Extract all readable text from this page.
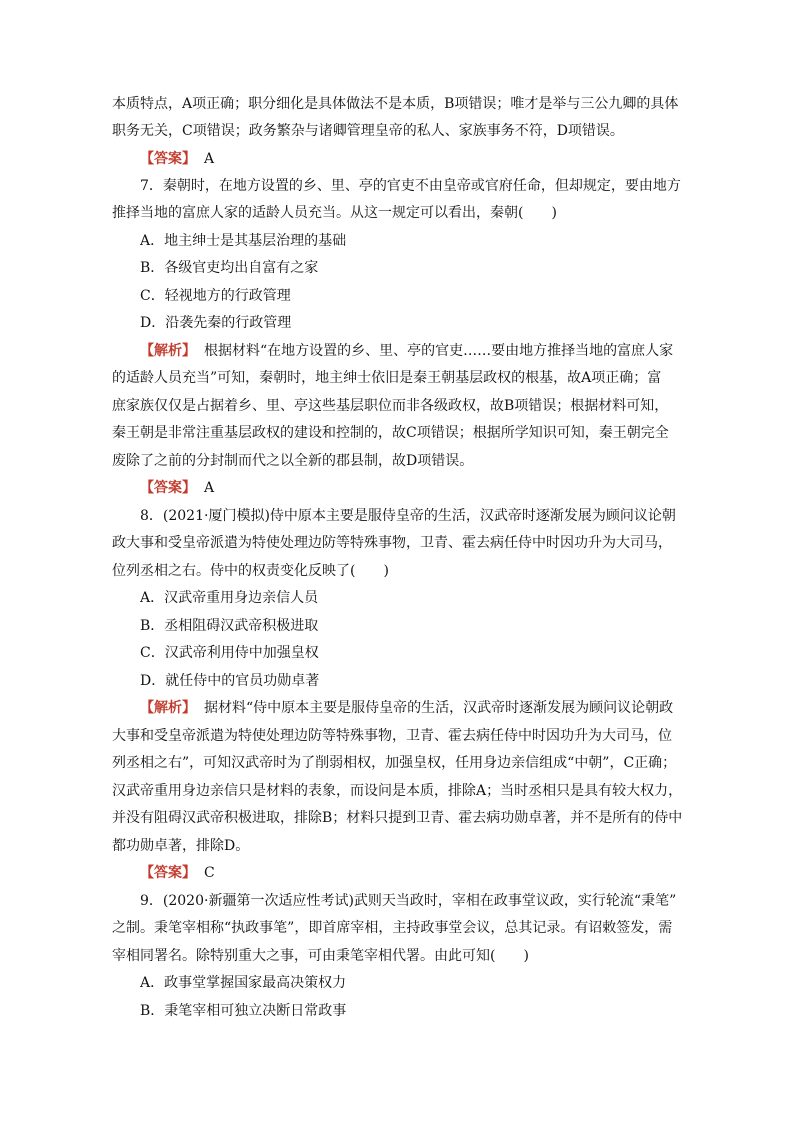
本质特点，A项正确；职分细化是具体做法不是本质，B项错误；唯才是举与三公九卿的具体
职务无关，C项错误；政务繁杂与诸卿管理皇帝的私人、家族事务不符，D项错误。
【答案】 A
7．秦朝时，在地方设置的乡、里、亭的官吏不由皇帝或官府任命，但却规定，要由地方
推择当地的富庶人家的适龄人员充当。从这一规定可以看出，秦朝(　　)
A．地主绅士是其基层治理的基础
B．各级官吏均出自富有之家
C．轻视地方的行政管理
D．沿袭先秦的行政管理
【解析】 根据材料“在地方设置的乡、里、亭的官吏……要由地方推择当地的富庶人家
的适龄人员充当”可知，秦朝时，地主绅士依旧是秦王朝基层政权的根基，故A项正确；富
庶家族仅仅是占据着乡、里、亭这些基层职位而非各级政权，故B项错误；根据材料可知，
秦王朝是非常注重基层政权的建设和控制的，故C项错误；根据所学知识可知，秦王朝完全
废除了之前的分封制而代之以全新的郡县制，故D项错误。
【答案】 A
8．(2021·厦门模拟)侍中原本主要是服侍皇帝的生活，汉武帝时逐渐发展为顾问议论朝
政大事和受皇帝派遣为特使处理边防等特殊事物，卫青、霍去病任侍中时因功升为大司马，
位列丞相之右。侍中的权责变化反映了(　　)
A．汉武帝重用身边亲信人员
B．丞相阻碍汉武帝积极进取
C．汉武帝利用侍中加强皇权
D．就任侍中的官员功勋卓著
【解析】 据材料“侍中原本主要是服侍皇帝的生活，汉武帝时逐渐发展为顾问议论朝政
大事和受皇帝派遣为特使处理边防等特殊事物，卫青、霍去病任侍中时因功升为大司马，位
列丞相之右”，可知汉武帝时为了削弱相权，加强皇权，任用身边亲信组成“中朝”，C正确；
汉武帝重用身边亲信只是材料的表象，而设问是本质，排除A；当时丞相只是具有较大权力，
并没有阻碍汉武帝积极进取，排除B；材料只提到卫青、霍去病功勋卓著，并不是所有的侍中
都功勋卓著，排除D。
【答案】 C
9．(2020·新疆第一次适应性考试)武则天当政时，宰相在政事堂议政，实行轮流“秉笔”
之制。秉笔宰相称“执政事笔”，即首席宰相，主持政事堂会议，总其记录。有诏敕签发，需
宰相同署名。除特别重大之事，可由秉笔宰相代署。由此可知(　　)
A．政事堂掌握国家最高决策权力
B．秉笔宰相可独立决断日常政事
